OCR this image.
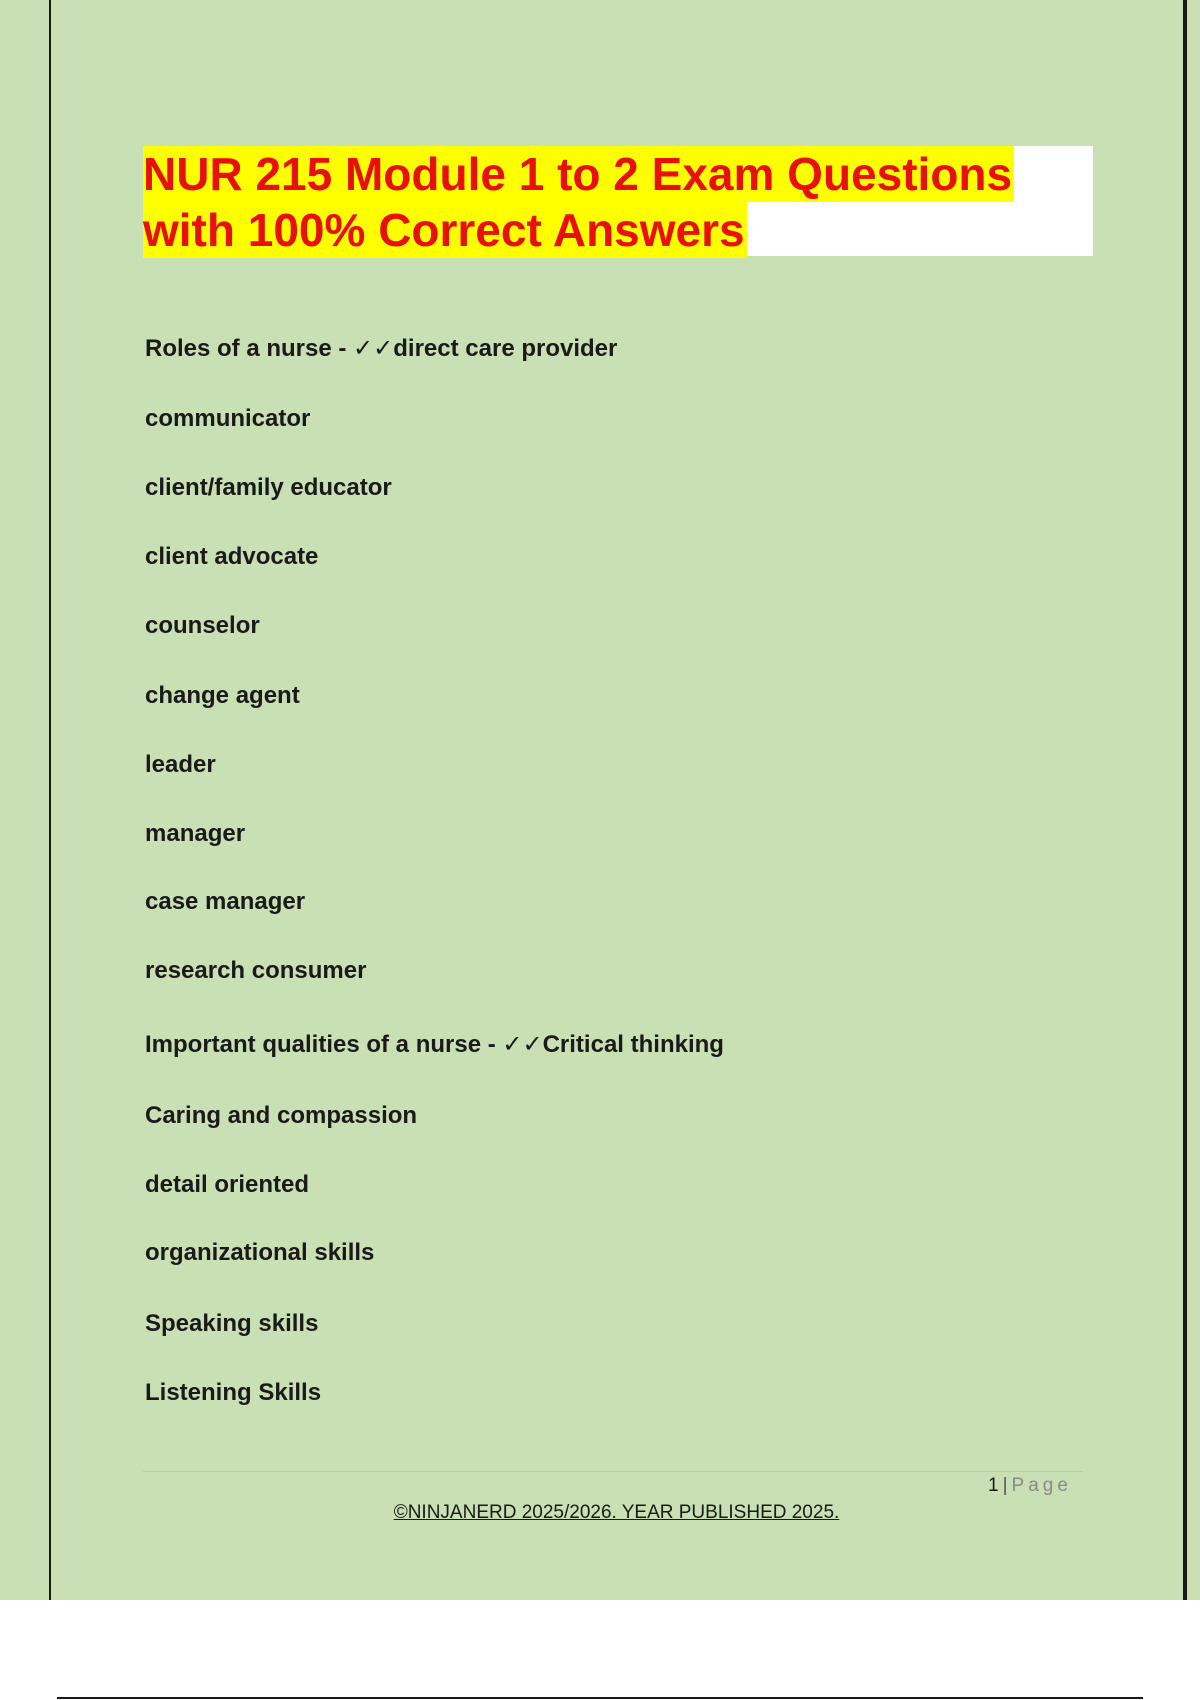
NUR 215 Module 1 to 2 Exam Questions
with 100% Correct Answers
Roles of a nurse - ✓✓direct care provider
communicator
client/family educator
client advocate
counselor
change agent
leader
manager
case manager
research consumer
Important qualities of a nurse - ✓✓Critical thinking
Caring and compassion
detail oriented
organizational skills
Speaking skills
Listening Skills
1 | Page
©NINJANERD 2025/2026. YEAR PUBLISHED 2025.
